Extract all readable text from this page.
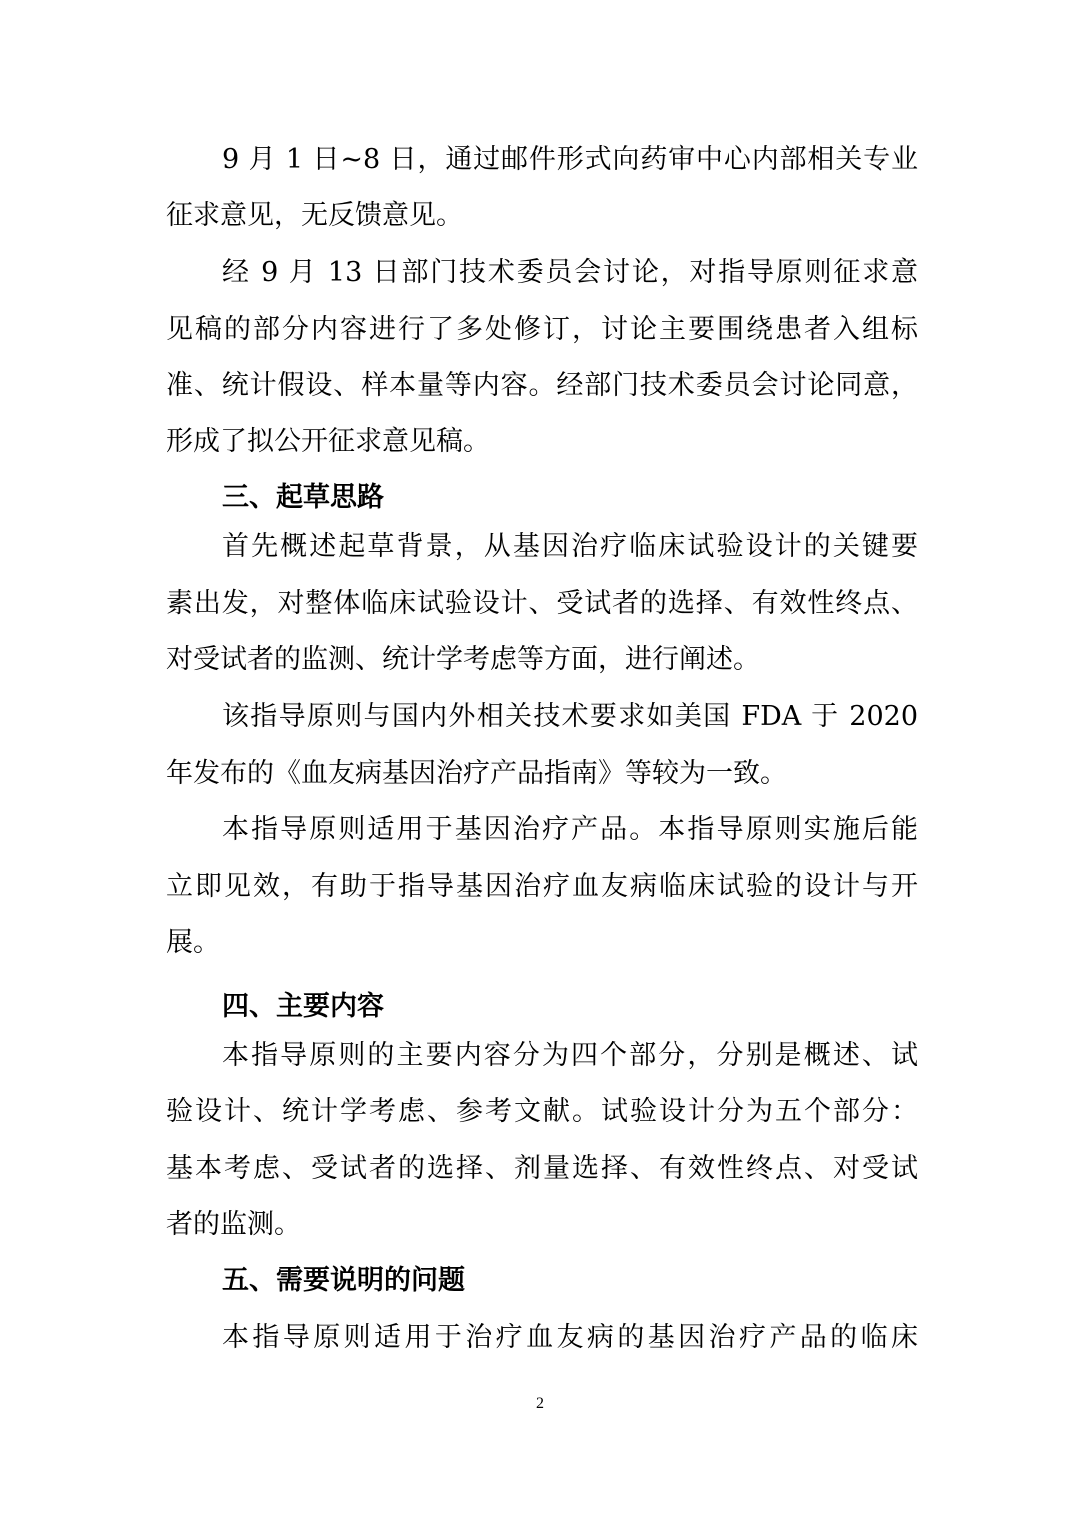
9 月 1 日~8 日，通过邮件形式向药审中心内部相关专业
征求意见，无反馈意见。
经 9 月 13 日部门技术委员会讨论，对指导原则征求意
见稿的部分内容进行了多处修订，讨论主要围绕患者入组标
准、统计假设、样本量等内容。经部门技术委员会讨论同意，
形成了拟公开征求意见稿。
三、起草思路
首先概述起草背景，从基因治疗临床试验设计的关键要
素出发，对整体临床试验设计、受试者的选择、有效性终点、
对受试者的监测、统计学考虑等方面，进行阐述。
该指导原则与国内外相关技术要求如美国 FDA 于 2020
年发布的《血友病基因治疗产品指南》等较为一致。
本指导原则适用于基因治疗产品。本指导原则实施后能
立即见效，有助于指导基因治疗血友病临床试验的设计与开
展。
四、主要内容
本指导原则的主要内容分为四个部分，分别是概述、试
验设计、统计学考虑、参考文献。试验设计分为五个部分：
基本考虑、受试者的选择、剂量选择、有效性终点、对受试
者的监测。
五、需要说明的问题
本指导原则适用于治疗血友病的基因治疗产品的临床
2
